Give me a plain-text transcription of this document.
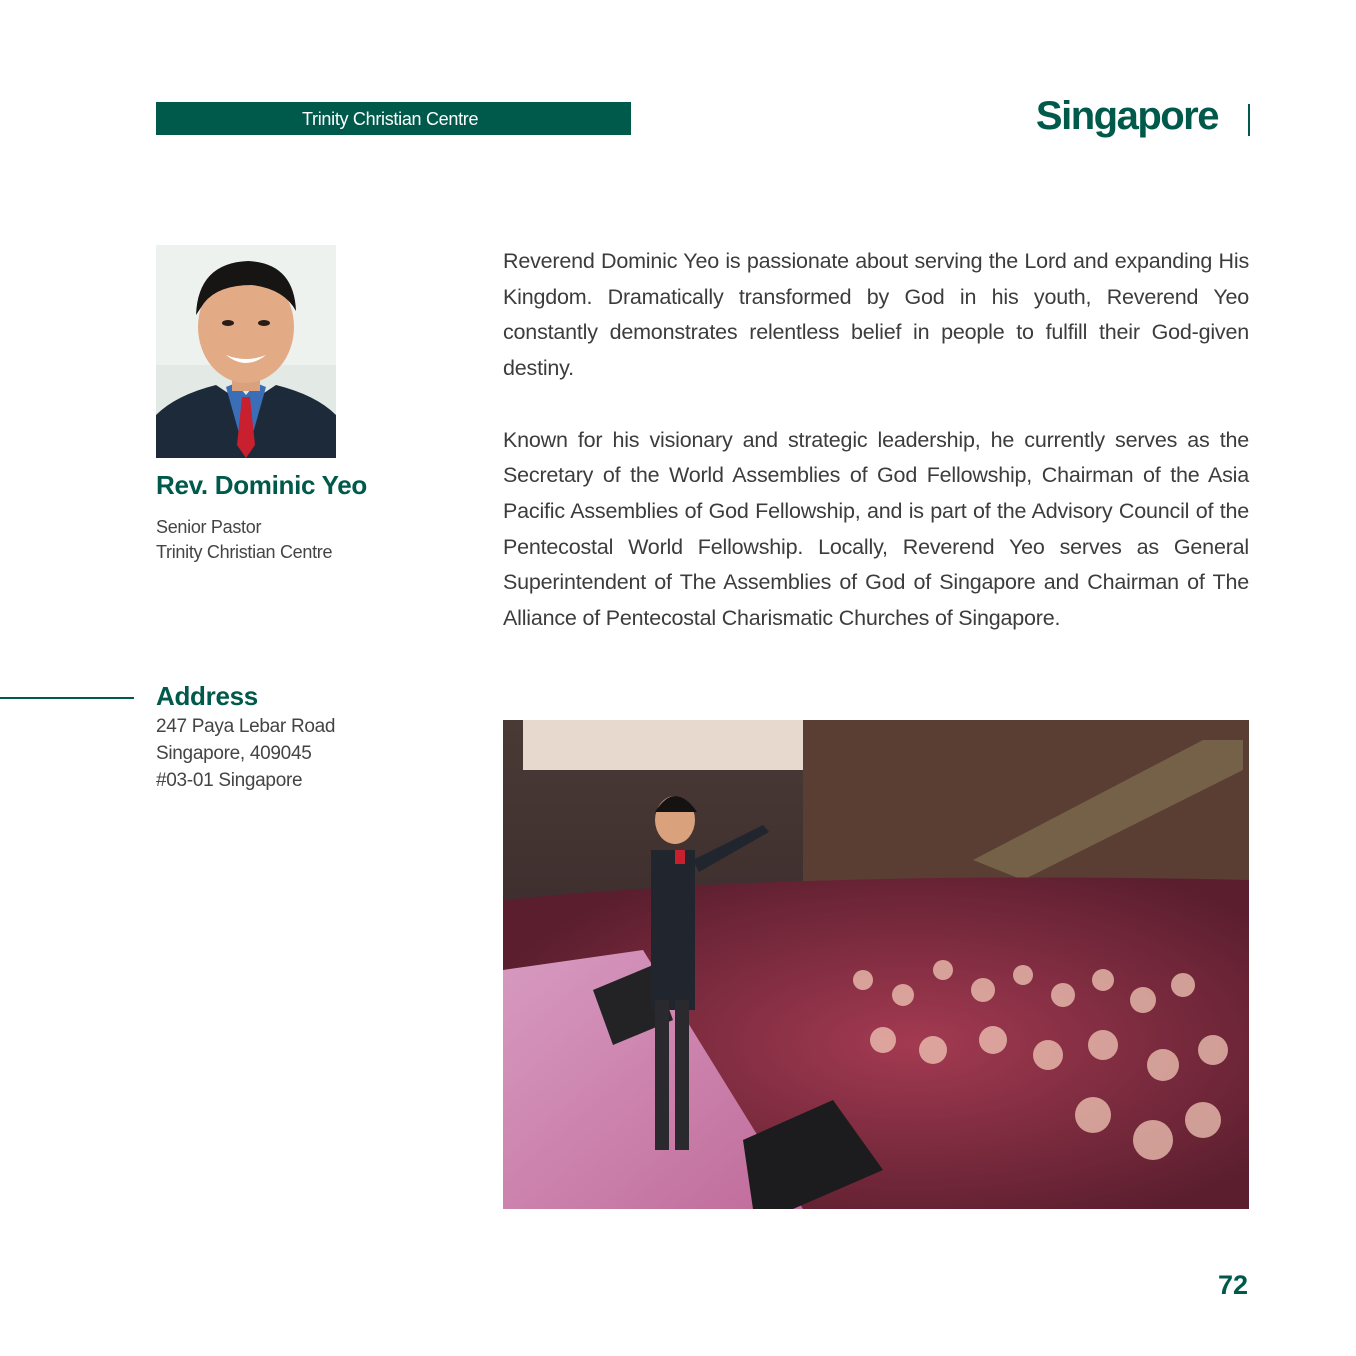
Trinity Christian Centre	Singapore
Rev. Dominic Yeo
Senior Pastor
Trinity Christian Centre
Address
247 Paya Lebar Road
Singapore, 409045
#03-01 Singapore

Reverend Dominic Yeo is passionate about serving the Lord and expanding His Kingdom. Dramatically transformed by God in his youth, Reverend Yeo constantly demonstrates relentless belief in people to fulfill their God-given destiny.

Known for his visionary and strategic leadership, he currently serves as the Secretary of the World Assemblies of God Fellowship, Chairman of the Asia Pacific Assemblies of God Fellowship, and is part of the Advisory Council of the Pentecostal World Fellowship. Locally, Reverend Yeo serves as General Superintendent of The Assemblies of God of Singapore and Chairman of The Alliance of Pentecostal Charismatic Churches of Singapore.

72
